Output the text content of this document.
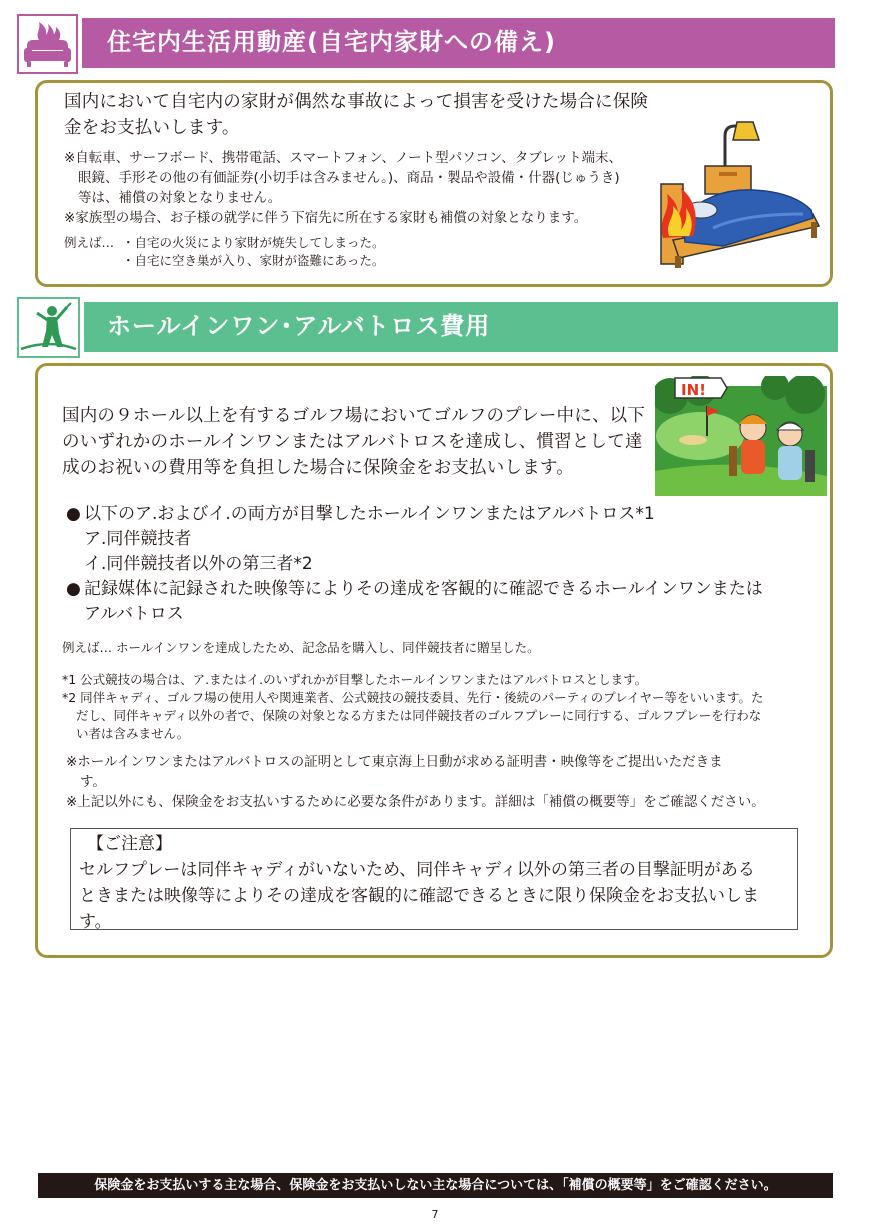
住宅内生活用動産(自宅内家財への備え)
国内において自宅内の家財が偶然な事故によって損害を受けた場合に保険金をお支払いします。
※自転車、サーフボード、携帯電話、スマートフォン、ノート型パソコン、タブレット端末、
眼鏡、手形その他の有価証券(小切手は含みません。)、商品・製品や設備・什器(じゅうき)
等は、補償の対象となりません。
※家族型の場合、お子様の就学に伴う下宿先に所在する家財も補償の対象となります。
例えば… ・自宅の火災により家財が焼失してしまった。
・自宅に空き巣が入り、家財が盗難にあった。
ホールインワン･アルバトロス費用
国内の９ホール以上を有するゴルフ場においてゴルフのプレー中に、以下
のいずれかのホールインワンまたはアルバトロスを達成し、慣習として達
成のお祝いの費用等を負担した場合に保険金をお支払いします。
IN!
● 以下のア.およびイ.の両方が目撃したホールインワンまたはアルバトロス*1
ア.同伴競技者
イ.同伴競技者以外の第三者*2
● 記録媒体に記録された映像等によりその達成を客観的に確認できるホールインワンまたは
アルバトロス
例えば… ホールインワンを達成したため、記念品を購入し、同伴競技者に贈呈した。
*1 公式競技の場合は、ア.またはイ.のいずれかが目撃したホールインワンまたはアルバトロスとします。
*2 同伴キャディ、ゴルフ場の使用人や関連業者、公式競技の競技委員、先行・後続のパーティのプレイヤー等をいいます。た
だし、同伴キャディ以外の者で、保険の対象となる方または同伴競技者のゴルフプレーに同行する、ゴルフプレーを行わな
い者は含みません。
※ホールインワンまたはアルバトロスの証明として東京海上日動が求める証明書・映像等をご提出いただきま
す。
※上記以外にも、保険金をお支払いするために必要な条件があります。詳細は「補償の概要等」をご確認ください。
【ご注意】
セルフプレーは同伴キャディがいないため、同伴キャディ以外の第三者の目撃証明がある
ときまたは映像等によりその達成を客観的に確認できるときに限り保険金をお支払いしま
す。
保険金をお支払いする主な場合、保険金をお支払いしない主な場合については、「補償の概要等」をご確認ください。
7
